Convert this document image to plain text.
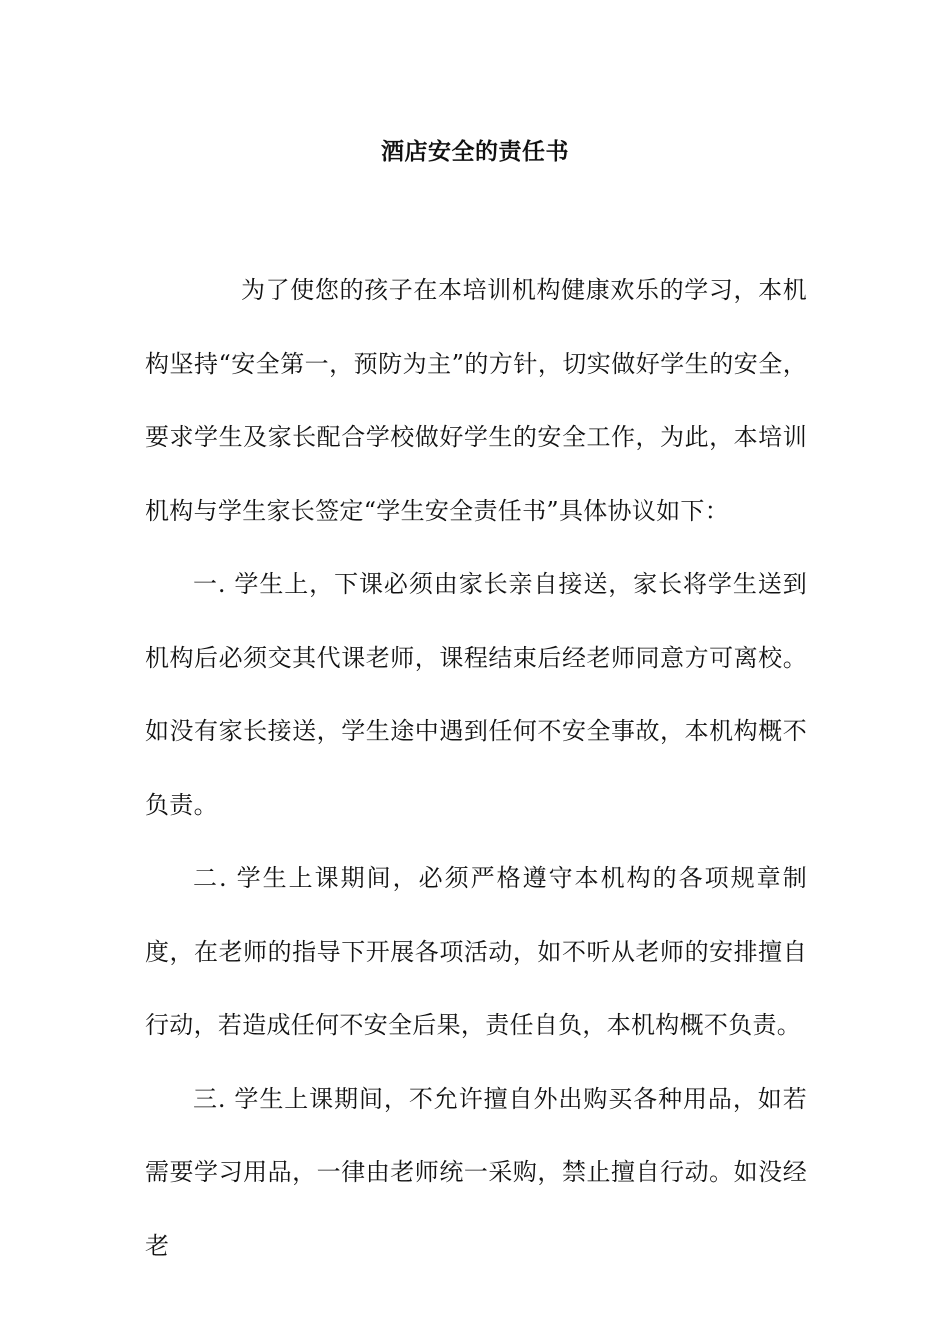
酒店安全的责任书

为了使您的孩子在本培训机构健康欢乐的学习，本机构坚持“安全第一，预防为主”的方针，切实做好学生的安全，要求学生及家长配合学校做好学生的安全工作，为此，本培训机构与学生家长签定“学生安全责任书”具体协议如下：

一. 学生上，下课必须由家长亲自接送，家长将学生送到机构后必须交其代课老师，课程结束后经老师同意方可离校。如没有家长接送，学生途中遇到任何不安全事故，本机构概不负责。

二. 学生上课期间，必须严格遵守本机构的各项规章制度，在老师的指导下开展各项活动，如不听从老师的安排擅自行动，若造成任何不安全后果，责任自负，本机构概不负责。

三. 学生上课期间，不允许擅自外出购买各种用品，如若需要学习用品，一律由老师统一采购，禁止擅自行动。如没经老
